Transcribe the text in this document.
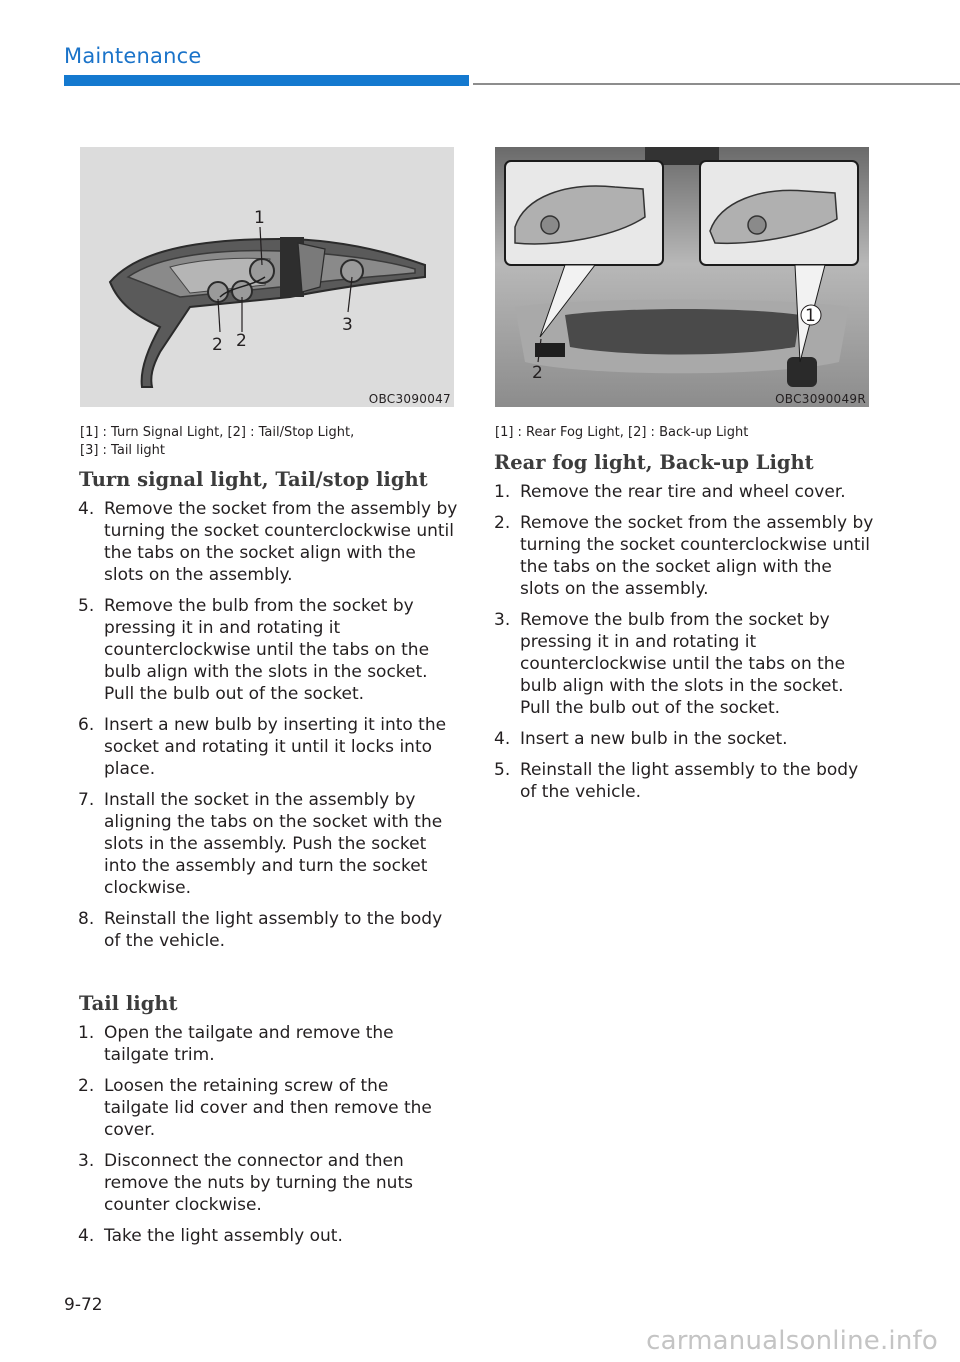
Maintenance
1
2 2
3
OBC3090047
1
2
OBC3090049R
[1] : Turn Signal Light, [2] : Tail/Stop Light,
[3] : Tail light
[1] : Rear Fog Light, [2] : Back-up Light
Turn signal light, Tail/stop light
4. Remove the socket from the assembly by turning the socket counterclockwise until the tabs on the socket align with the slots on the assembly.
5. Remove the bulb from the socket by pressing it in and rotating it counterclockwise until the tabs on the bulb align with the slots in the socket. Pull the bulb out of the socket.
6. Insert a new bulb by inserting it into the socket and rotating it until it locks into place.
7. Install the socket in the assembly by aligning the tabs on the socket with the slots in the assembly. Push the socket into the assembly and turn the socket clockwise.
8. Reinstall the light assembly to the body of the vehicle.
Tail light
1. Open the tailgate and remove the tailgate trim.
2. Loosen the retaining screw of the tailgate lid cover and then remove the cover.
3. Disconnect the connector and then remove the nuts by turning the nuts counter clockwise.
4. Take the light assembly out.
Rear fog light, Back-up Light
1. Remove the rear tire and wheel cover.
2. Remove the socket from the assembly by turning the socket counterclockwise until the tabs on the socket align with the slots on the assembly.
3. Remove the bulb from the socket by pressing it in and rotating it counterclockwise until the tabs on the bulb align with the slots in the socket. Pull the bulb out of the socket.
4. Insert a new bulb in the socket.
5. Reinstall the light assembly to the body of the vehicle.
9-72
carmanualsonline.info
